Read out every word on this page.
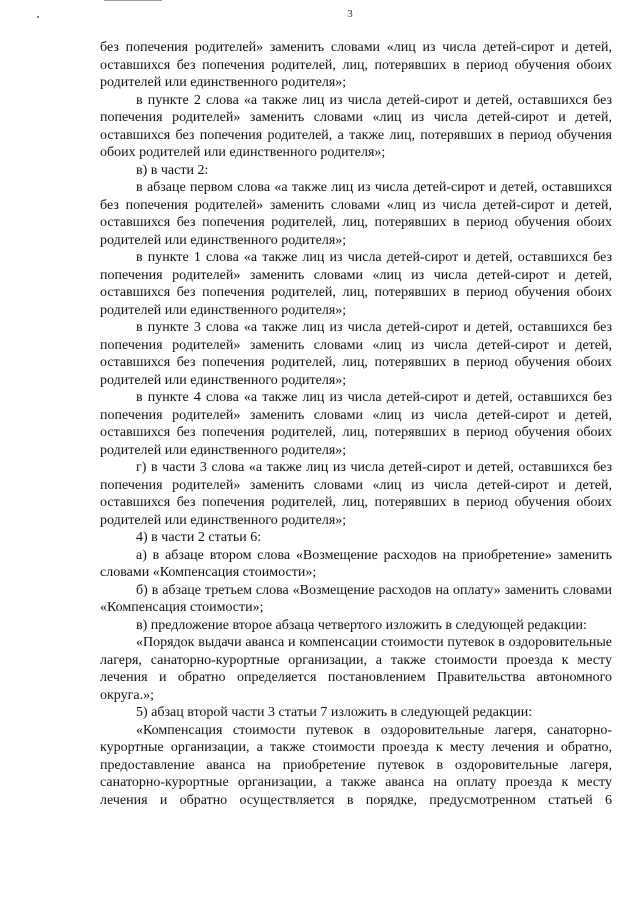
3

без попечения родителей» заменить словами «лиц из числа детей-сирот и детей, оставшихся без попечения родителей, лиц, потерявших в период обучения обоих родителей или единственного родителя»;

в пункте 2 слова «а также лиц из числа детей-сирот и детей, оставшихся без попечения родителей» заменить словами «лиц из числа детей-сирот и детей, оставшихся без попечения родителей, а также лиц, потерявших в период обучения обоих родителей или единственного родителя»;

в) в части 2:

в абзаце первом слова «а также лиц из числа детей-сирот и детей, оставшихся без попечения родителей» заменить словами «лиц из числа детей-сирот и детей, оставшихся без попечения родителей, лиц, потерявших в период обучения обоих родителей или единственного родителя»;

в пункте 1 слова «а также лиц из числа детей-сирот и детей, оставшихся без попечения родителей» заменить словами «лиц из числа детей-сирот и детей, оставшихся без попечения родителей, лиц, потерявших в период обучения обоих родителей или единственного родителя»;

в пункте 3 слова «а также лиц из числа детей-сирот и детей, оставшихся без попечения родителей» заменить словами «лиц из числа детей-сирот и детей, оставшихся без попечения родителей, лиц, потерявших в период обучения обоих родителей или единственного родителя»;

в пункте 4 слова «а также лиц из числа детей-сирот и детей, оставшихся без попечения родителей» заменить словами «лиц из числа детей-сирот и детей, оставшихся без попечения родителей, лиц, потерявших в период обучения обоих родителей или единственного родителя»;

г) в части 3 слова «а также лиц из числа детей-сирот и детей, оставшихся без попечения родителей» заменить словами «лиц из числа детей-сирот и детей, оставшихся без попечения родителей, лиц, потерявших в период обучения обоих родителей или единственного родителя»;

4) в части 2 статьи 6:

а) в абзаце втором слова «Возмещение расходов на приобретение» заменить словами «Компенсация стоимости»;

б) в абзаце третьем слова «Возмещение расходов на оплату» заменить словами «Компенсация стоимости»;

в) предложение второе абзаца четвертого изложить в следующей редакции:

«Порядок выдачи аванса и компенсации стоимости путевок в оздоровительные лагеря, санаторно-курортные организации, а также стоимости проезда к месту лечения и обратно определяется постановлением Правительства автономного округа.»;

5) абзац второй части 3 статьи 7 изложить в следующей редакции:

«Компенсация стоимости путевок в оздоровительные лагеря, санаторно-курортные организации, а также стоимости проезда к месту лечения и обратно, предоставление аванса на приобретение путевок в оздоровительные лагеря, санаторно-курортные организации, а также аванса на оплату проезда к месту лечения и обратно осуществляется в порядке, предусмотренном статьей 6
